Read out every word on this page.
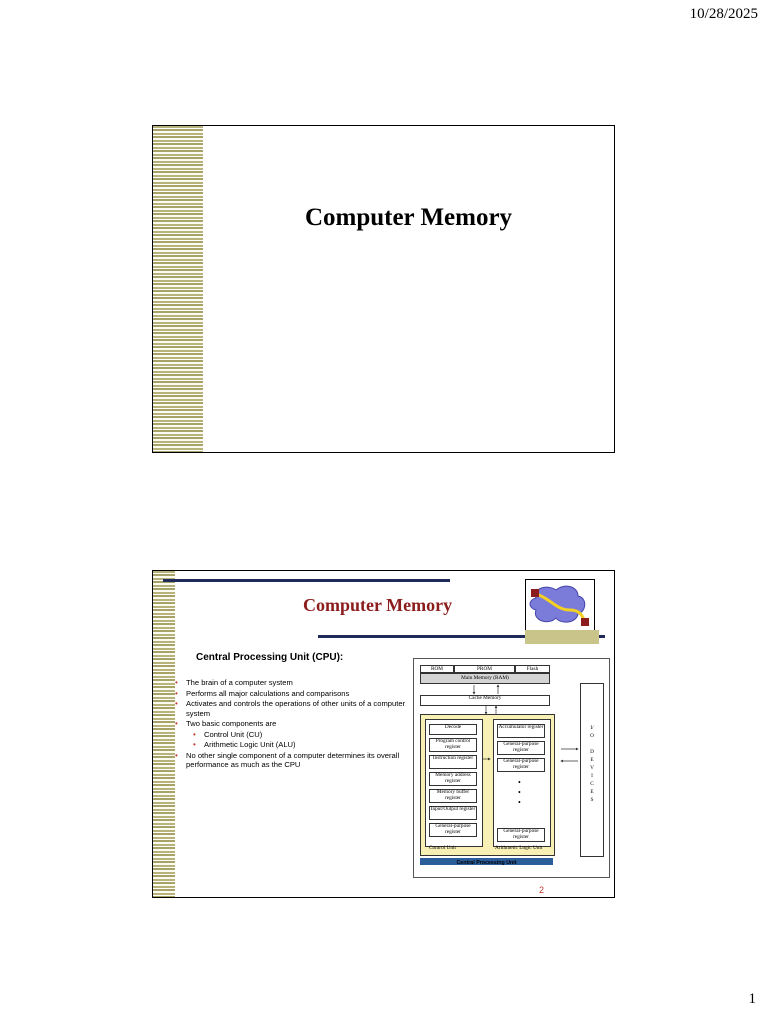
10/28/2025
Computer Memory
Computer Memory
Central Processing Unit (CPU):
• The brain of a computer system
• Performs all major calculations and comparisons
• Activates and controls the operations of other units of a computer system
• Two basic components are
• Control Unit (CU)
• Arithmetic Logic Unit (ALU)
• No other single component of a computer determines its overall performance as much as the CPU
ROM	PROM	Flash
Main Memory (RAM)
Cache Memory
Decode
Program control register
Instruction register
Memory address register
Memory buffer register
Input/Output register
General-purpose register
Accumulator register
General-purpose register
General-purpose register
•
•
•
General-purpose register
Control Unit	Arithmetic Logic Unit
Central Processing Unit
I/
O

D
E
V
I
C
E
S
2
1
